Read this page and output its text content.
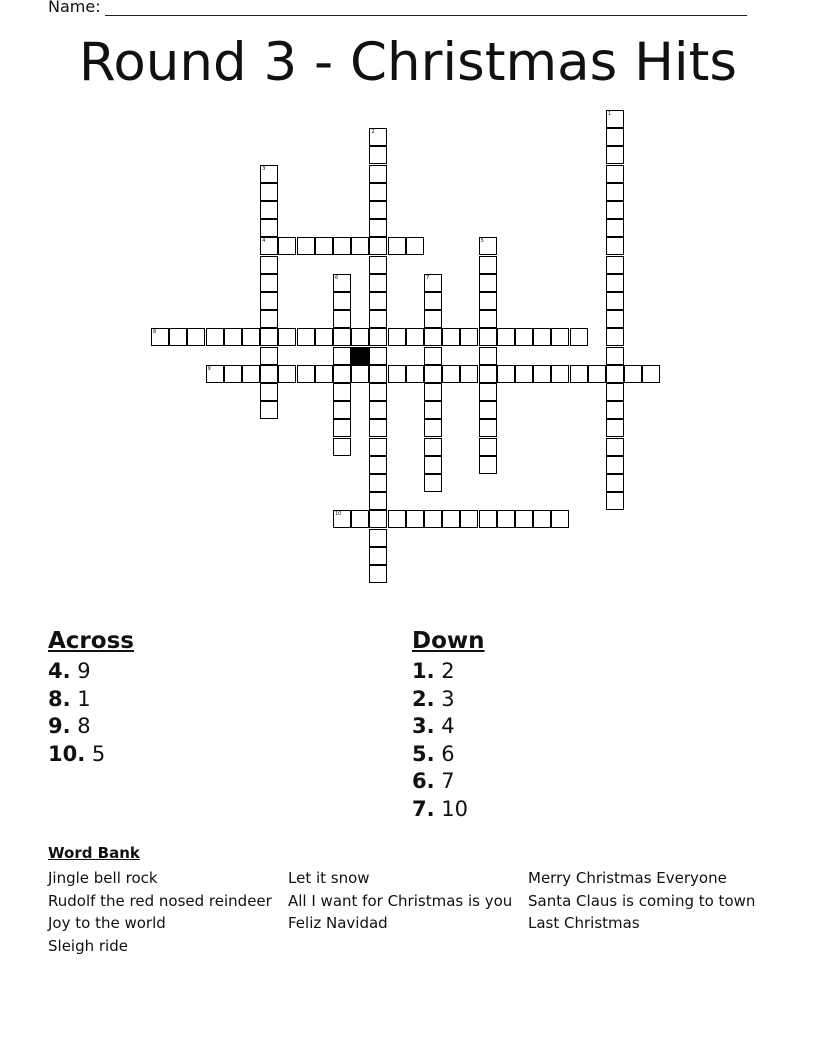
Name:
Round 3 - Christmas Hits
1
2
3
4	5
6	7
8
9
10
Across
4. 9
8. 1
9. 8
10. 5
Down
1. 2
2. 3
3. 4
5. 6
6. 7
7. 10
Word Bank
Jingle bell rock
Rudolf the red nosed reindeer
Joy to the world
Sleigh ride
Let it snow
All I want for Christmas is you
Feliz Navidad
Merry Christmas Everyone
Santa Claus is coming to town
Last Christmas
